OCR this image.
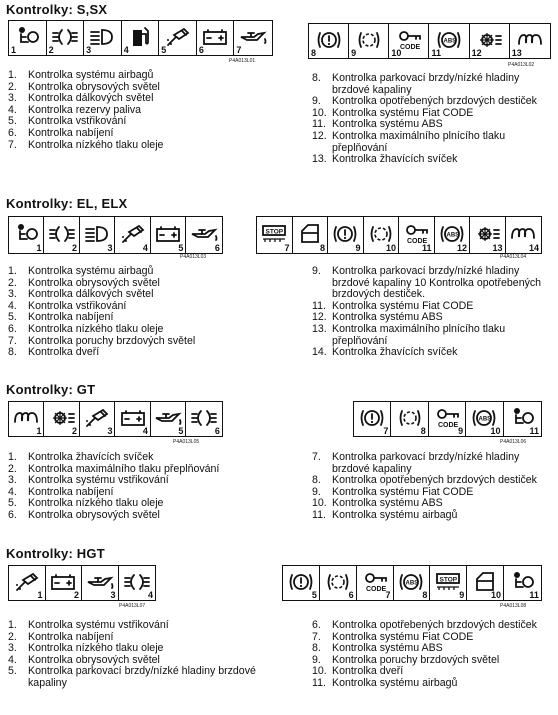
Kontrolky: S,SX
1	2	3	4	5	6	7
P4A013L01
8	9
CODE
10
ABS
11	12	13
P4A013L02
1. Kontrolka systému airbagů
2. Kontrolka obrysových světel
3. Kontrolka dálkových světel
4. Kontrolka rezervy paliva
5. Kontrolka vstřikování
6. Kontrolka nabíjení
7. Kontrolka nízkého tlaku oleje
8. Kontrolka parkovací brzdy/nízké hladiny brzdové kapaliny
9. Kontrolka opotřebených brzdových destiček
10. Kontrolka systému Fiat CODE
11. Kontrolka systému ABS
12. Kontrolka maximálního plnícího tlaku přeplňování
13. Kontrolka žhavících svíček
Kontrolky: EL, ELX
1	2	3	4	5	6
P4A013L03
STOP
7	8	9	10
CODE
11
ABS
12	13	14
P4A013L04
1. Kontrolka systému airbagů
2. Kontrolka obrysových světel
3. Kontrolka dálkových světel
4. Kontrolka vstřikování
5. Kontrolka nabíjení
6. Kontrolka nízkého tlaku oleje
7. Kontrolka poruchy brzdových světel
8. Kontrolka dveří
9. Kontrolka parkovací brzdy/nízké hladiny brzdové kapaliny 10 Kontrolka opotřebených brzdových destiček.
11. Kontrolka systému Fiat CODE
12. Kontrolka systému ABS
13. Kontrolka maximálního plnícího tlaku přeplňování
14. Kontrolka žhavících svíček
Kontrolky: GT
1	2	3	4	5	6
P4A013L05
7	8
CODE
9
ABS
10	11
P4A013L06
1. Kontrolka žhavících svíček
2. Kontrolka maximálního tlaku přeplňování
3. Kontrolka systému vstřikování
4. Kontrolka nabíjení
5. Kontrolka nízkého tlaku oleje
6. Kontrolka obrysových světel
7. Kontrolka parkovací brzdy/nízké hladiny brzdové kapaliny
8. Kontrolka opotřebených brzdových destiček
9. Kontrolka systému Fiat CODE
10. Kontrolka systému ABS
11. Kontrolka systému airbagů
Kontrolky: HGT
1	2	3	4
P4A013L07
5	6
CODE
7
ABS
8
STOP
9	10	11
P4A013L08
1. Kontrolka systému vstřikování
2. Kontrolka nabíjení
3. Kontrolka nízkého tlaku oleje
4. Kontrolka obrysových světel
5. Kontrolka parkovací brzdy/nízké hladiny brzdové kapaliny
6. Kontrolka opotřebených brzdových destiček
7. Kontrolka systému Fiat CODE
8. Kontrolka systému ABS
9. Kontrolka poruchy brzdových světel
10. Kontrolka dveří
11. Kontrolka systému airbagů
